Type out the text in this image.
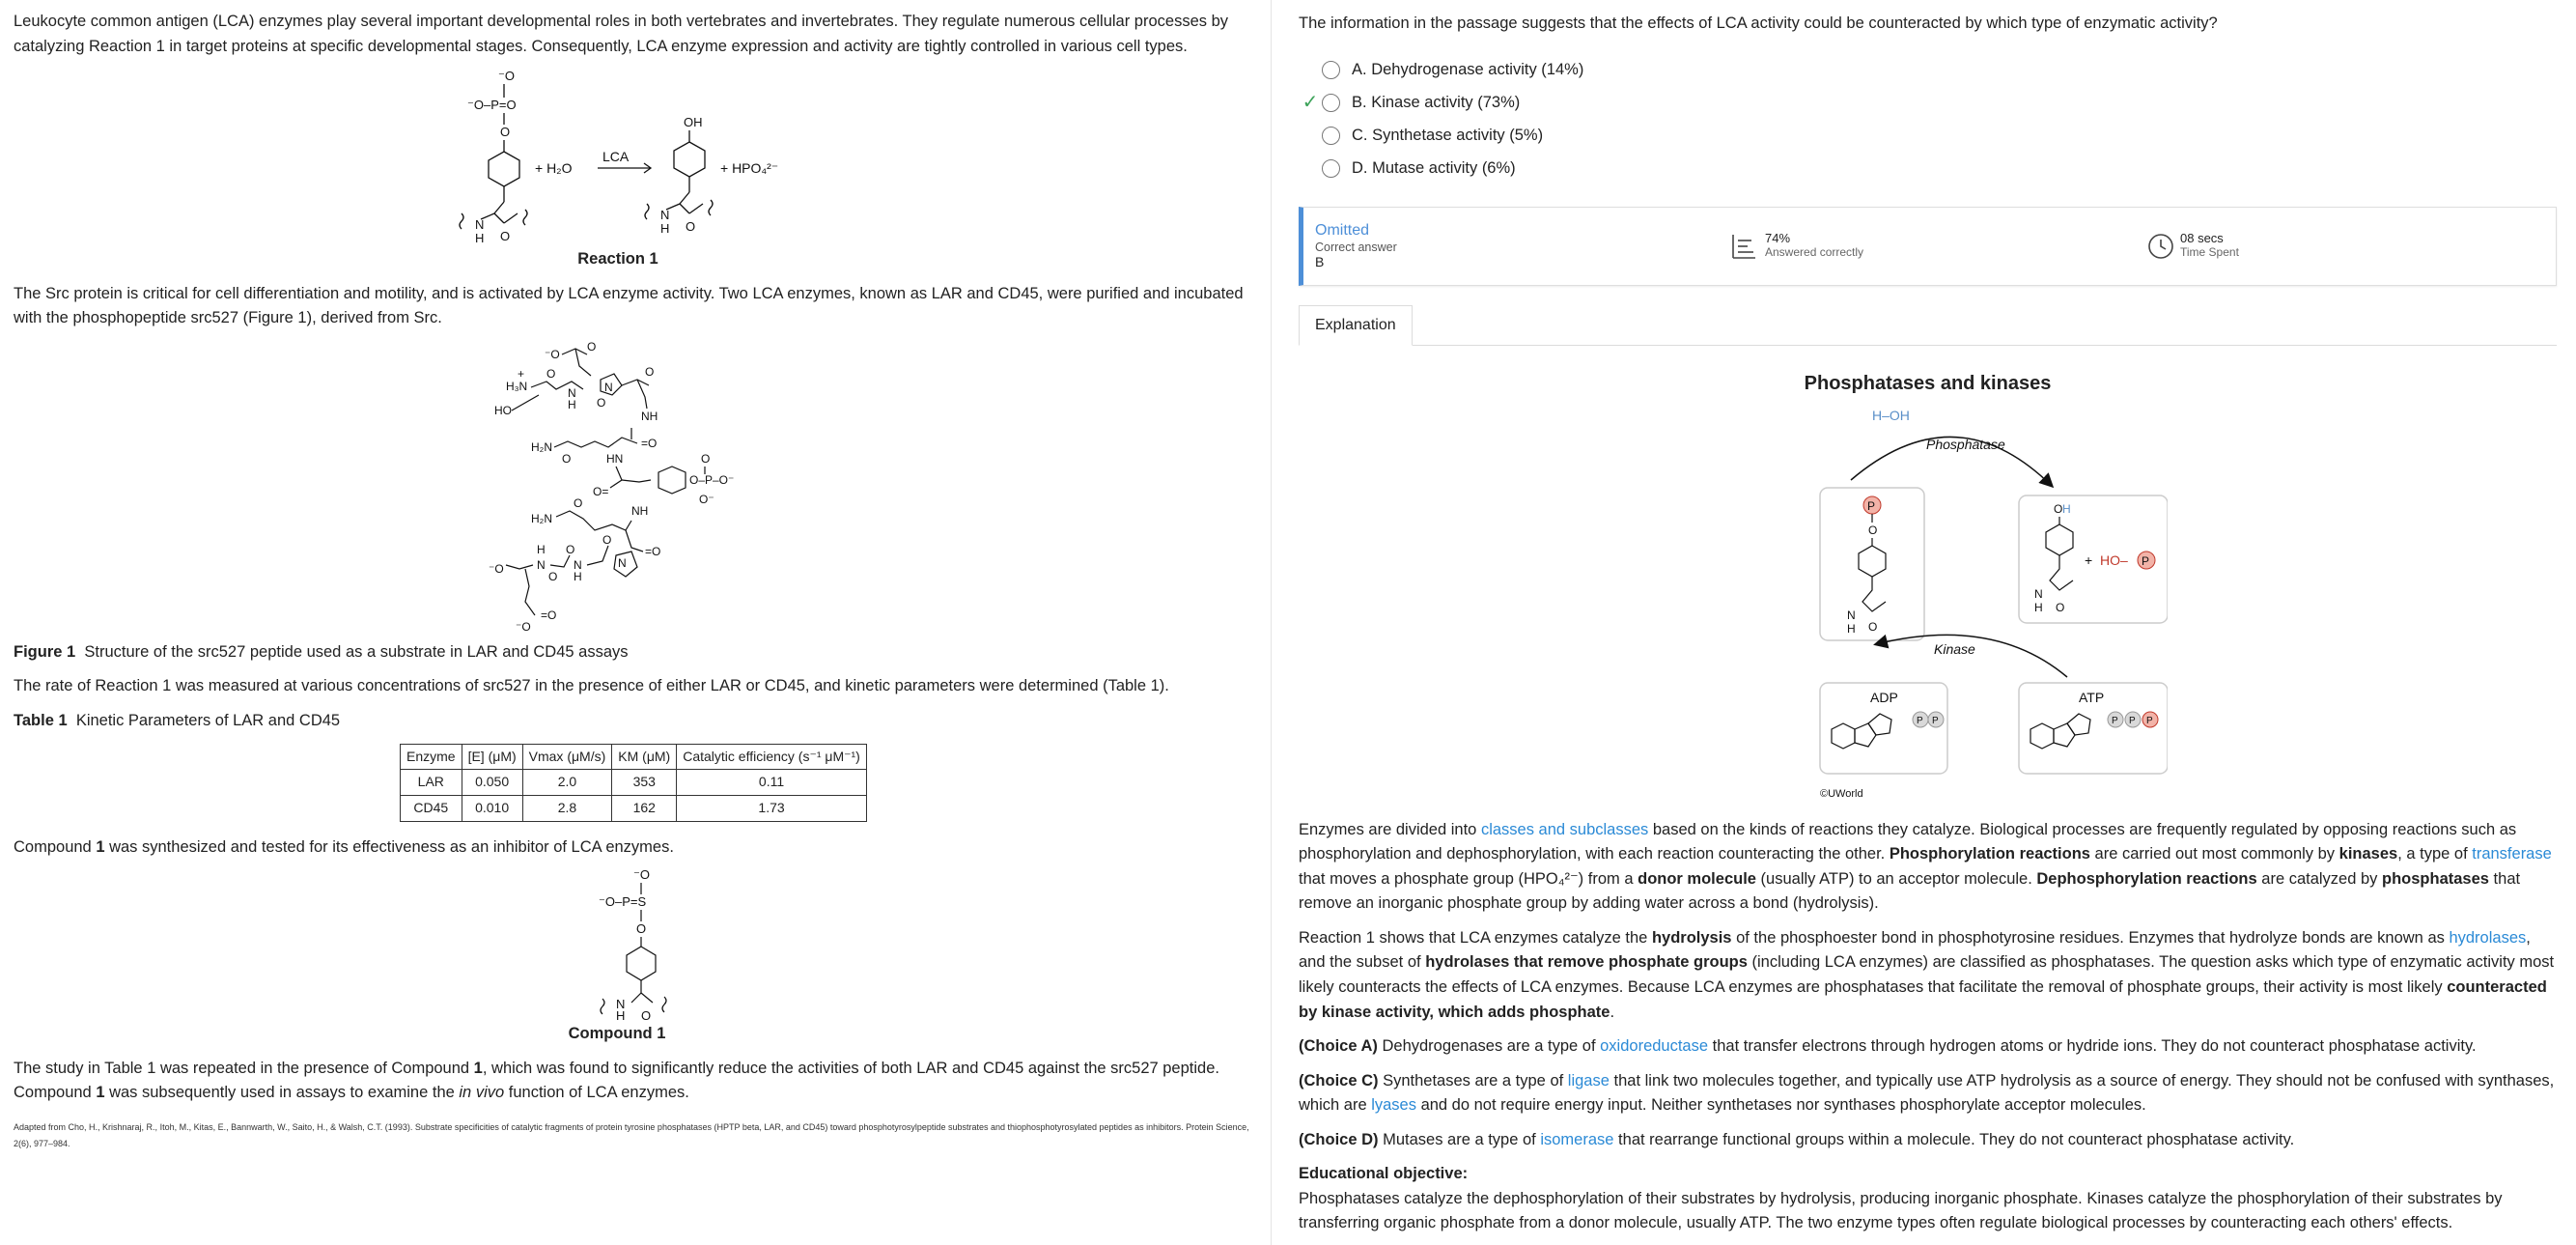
Leukocyte common antigen (LCA) enzymes play several important developmental roles in both vertebrates and invertebrates. They regulate numerous cellular processes by catalyzing Reaction 1 in target proteins at specific developmental stages. Consequently, LCA enzyme expression and activity are tightly controlled in various cell types.
⁻O
⁻O–P=O
O
N
H O
+ H₂O
LCA
OH
N
H O
+ HPO₄²⁻
Reaction 1
The Src protein is critical for cell differentiation and motility, and is activated by LCA enzyme activity. Two LCA enzymes, known as LAR and CD45, were purified and incubated with the phosphopeptide src527 (Figure 1), derived from Src.
⁻O
O
H₃N
+ O
N
H O
N
O
NH
HO
H₂N
O
=O
HN
O=
O–P–O⁻
O
O⁻
NH
H₂N
O
=O
N
O
N
H
O
N
H
O
⁻O
=O
⁻O
Figure 1 Structure of the src527 peptide used as a substrate in LAR and CD45 assays
The rate of Reaction 1 was measured at various concentrations of src527 in the presence of either LAR or CD45, and kinetic parameters were determined (Table 1).
Table 1 Kinetic Parameters of LAR and CD45
Enzyme	[E] (μM)	Vmax (μM/s)	KM (μM)	Catalytic efficiency (s⁻¹ μM⁻¹)
LAR	0.050	2.0	353	0.11
CD45	0.010	2.8	162	1.73
Compound 1 was synthesized and tested for its effectiveness as an inhibitor of LCA enzymes.
⁻O
⁻O–P=S
O
N
H O
Compound 1
The study in Table 1 was repeated in the presence of Compound 1, which was found to significantly reduce the activities of both LAR and CD45 against the src527 peptide. Compound 1 was subsequently used in assays to examine the in vivo function of LCA enzymes.
Adapted from Cho, H., Krishnaraj, R., Itoh, M., Kitas, E., Bannwarth, W., Saito, H., & Walsh, C.T. (1993). Substrate specificities of catalytic fragments of protein tyrosine phosphatases (HPTP beta, LAR, and CD45) toward phosphotyrosylpeptide substrates and thiophosphotyrosylated peptides as inhibitors. Protein Science, 2(6), 977–984.
The information in the passage suggests that the effects of LCA activity could be counteracted by which type of enzymatic activity?
A.
Dehydrogenase activity
(14%)
✓ B.
Kinase activity
(73%)
C.
Synthetase activity
(5%)
D.
Mutase activity
(6%)
Omitted
Correct answer
B
74%
Answered correctly
08 secs
Time Spent
Explanation
Phosphatases and kinases
H–OH
Phosphatase
P
O
N
H O
O H
N
H O
+ HO– P
Kinase
ADP
P P
ATP
P P P
©UWorld

Enzymes are divided into classes and subclasses based on the kinds of reactions they catalyze. Biological processes are frequently regulated by opposing reactions such as phosphorylation and dephosphorylation, with each reaction counteracting the other. Phosphorylation reactions are carried out most commonly by kinases, a type of transferase that moves a phosphate group (HPO₄²⁻) from a donor molecule (usually ATP) to an acceptor molecule. Dephosphorylation reactions are catalyzed by phosphatases that remove an inorganic phosphate group by adding water across a bond (hydrolysis).

Reaction 1 shows that LCA enzymes catalyze the hydrolysis of the phosphoester bond in phosphotyrosine residues. Enzymes that hydrolyze bonds are known as hydrolases, and the subset of hydrolases that remove phosphate groups (including LCA enzymes) are classified as phosphatases. The question asks which type of enzymatic activity most likely counteracts the effects of LCA enzymes. Because LCA enzymes are phosphatases that facilitate the removal of phosphate groups, their activity is most likely counteracted by kinase activity, which adds phosphate.

(Choice A) Dehydrogenases are a type of oxidoreductase that transfer electrons through hydrogen atoms or hydride ions. They do not counteract phosphatase activity.

(Choice C) Synthetases are a type of ligase that link two molecules together, and typically use ATP hydrolysis as a source of energy. They should not be confused with synthases, which are lyases and do not require energy input. Neither synthetases nor synthases phosphorylate acceptor molecules.

(Choice D) Mutases are a type of isomerase that rearrange functional groups within a molecule. They do not counteract phosphatase activity.

Educational objective:

Phosphatases catalyze the dephosphorylation of their substrates by hydrolysis, producing inorganic phosphate. Kinases catalyze the phosphorylation of their substrates by transferring organic phosphate from a donor molecule, usually ATP. The two enzyme types often regulate biological processes by counteracting each others' effects.
